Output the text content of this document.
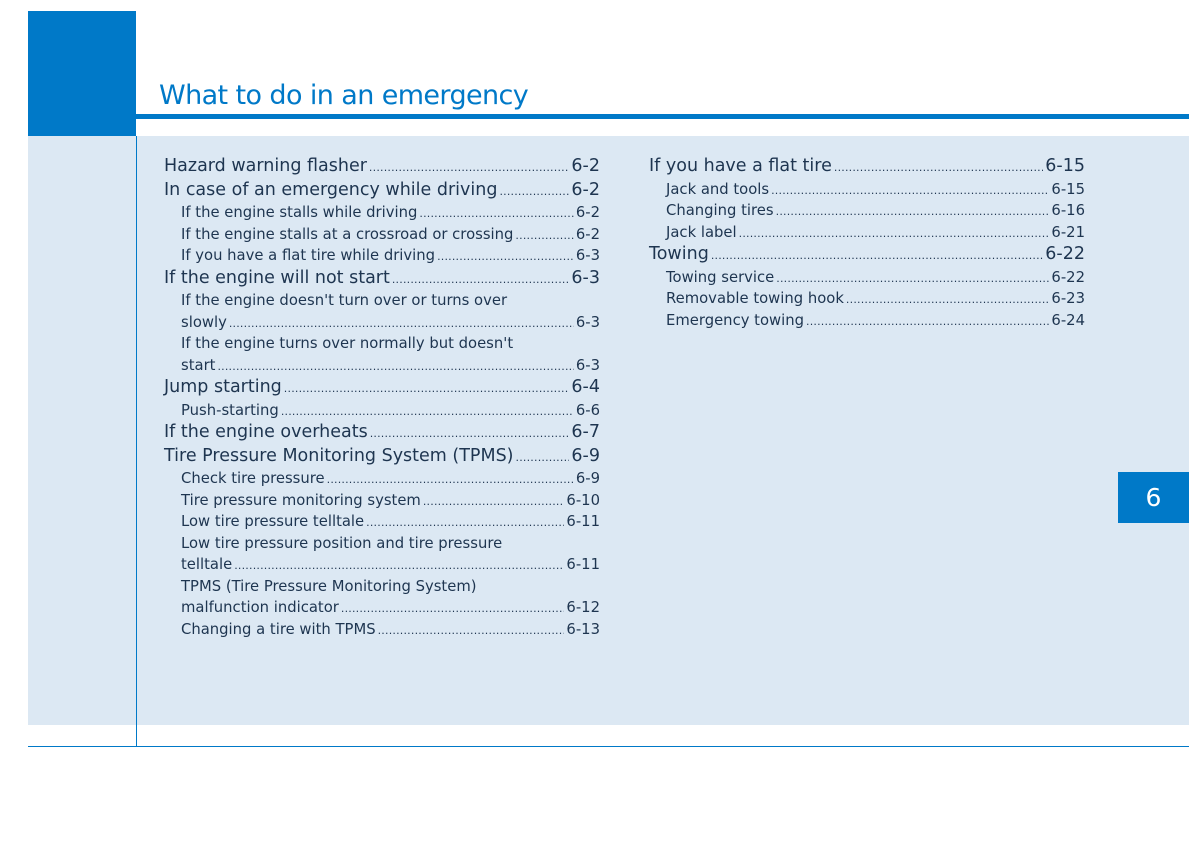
What to do in an emergency
6
Hazard warning flasher .....	6-2
In case of an emergency while driving .....	6-2
If the engine stalls while driving .....	6-2
If the engine stalls at a crossroad or crossing .....	6-2
If you have a flat tire while driving .....	6-3
If the engine will not start .....	6-3
If the engine doesn't turn over or turns over
slowly .....	6-3
If the engine turns over normally but doesn't
start .....	6-3
Jump starting .....	6-4
Push-starting .....	6-6
If the engine overheats .....	6-7
Tire Pressure Monitoring System (TPMS) .....	6-9
Check tire pressure .....	6-9
Tire pressure monitoring system .....	6-10
Low tire pressure telltale .....	6-11
Low tire pressure position and tire pressure
telltale .....	6-11
TPMS (Tire Pressure Monitoring System)
malfunction indicator .....	6-12
Changing a tire with TPMS .....	6-13
If you have a flat tire .....	6-15
Jack and tools .....	6-15
Changing tires .....	6-16
Jack label .....	6-21
Towing .....	6-22
Towing service .....	6-22
Removable towing hook .....	6-23
Emergency towing .....	6-24
